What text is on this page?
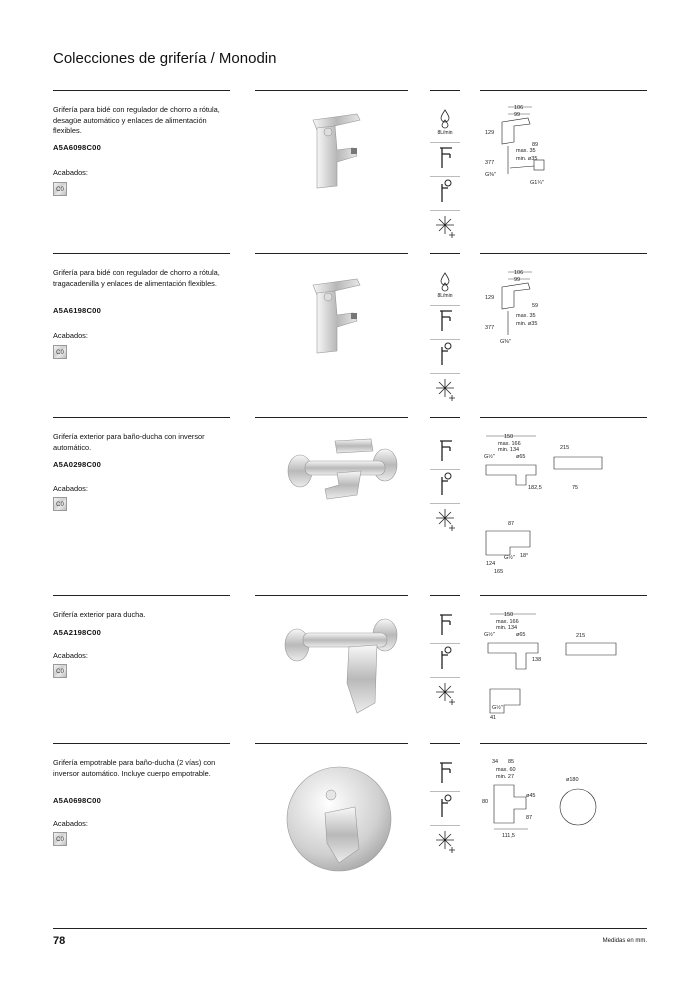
Colecciones de grifería / Monodin
Grifería para bidé con regulador de chorro a rótula, desagüe automático y enlaces de alimentación flexibles.
A5A6098C00
Acabados:
C0
8L/min
106
99
129
89
377
max. 35
min. ø35
G⅜"
G1¼"
Grifería para bidé con regulador de chorro a rótula, tragacadenilla y enlaces de alimentación flexibles.
A5A6198C00
Acabados:
C0
8L/min
106
99
129
59
377
max. 35
min. ø35
G⅜"
Grifería exterior para baño-ducha con inversor automático.
A5A0298C00
Acabados:
C0
150
max. 166
min. 134
G½"	ø65
215
182,5	75
87
124
165
G½" 18°
Grifería exterior para ducha.
A5A2198C00
Acabados:
C0
150
max. 166
min. 134
G½"	ø65	215
138
G½"
41
Grifería empotrable para baño-ducha (2 vías) con inversor automático. Incluye cuerpo empotrable.
A5A0698C00
Acabados:
C0
34 85
max. 60
min. 27
ø45
ø180
80
87
111,5
78	Medidas en mm.
